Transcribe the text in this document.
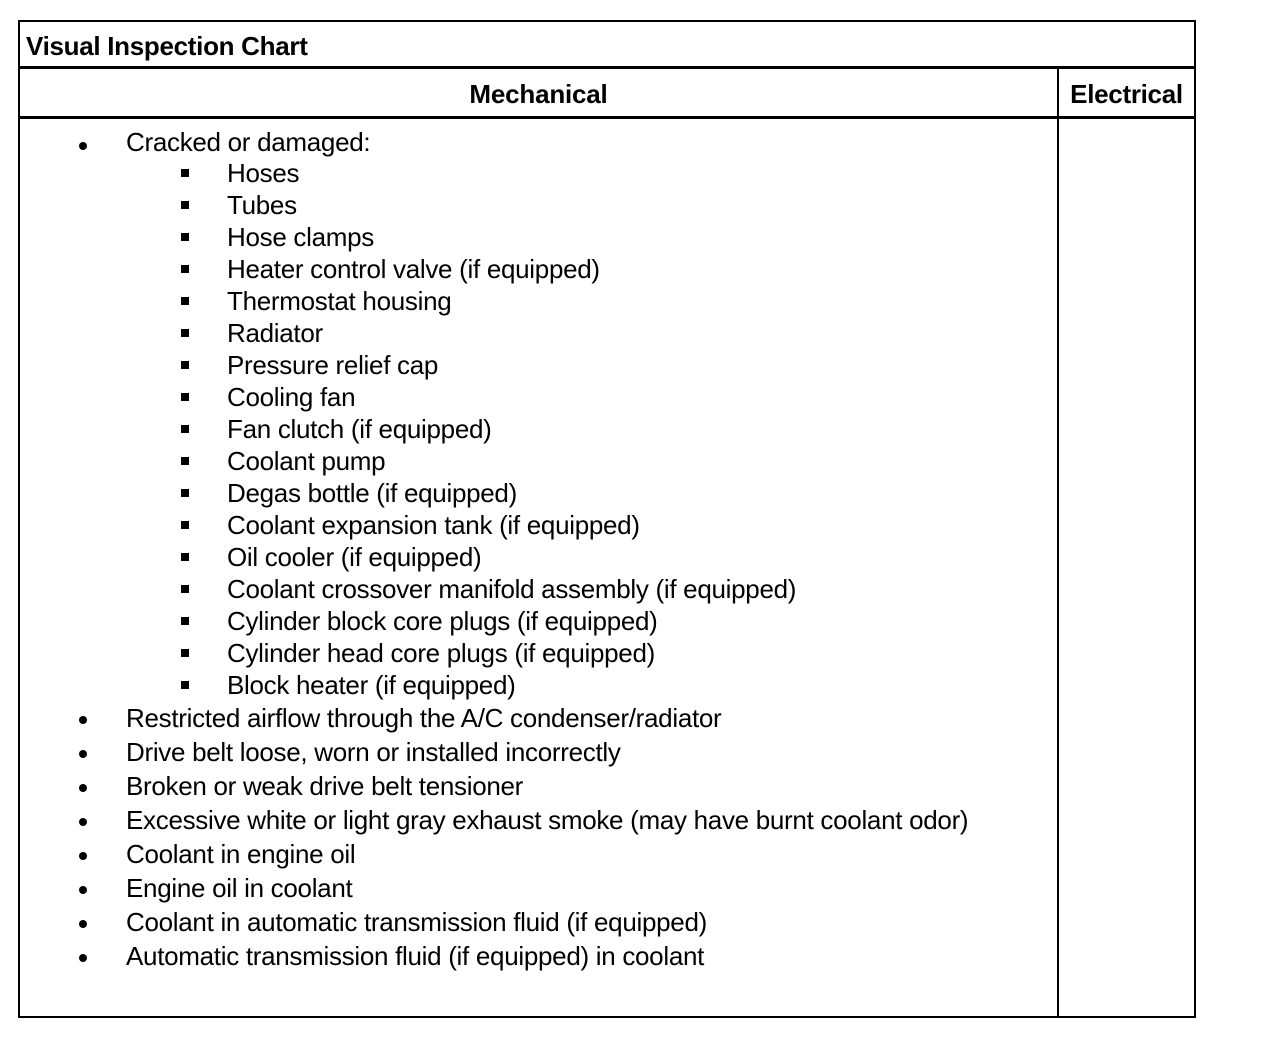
Visual Inspection Chart
Mechanical	Electrical
Cracked or damaged:
Hoses
Tubes
Hose clamps
Heater control valve (if equipped)
Thermostat housing
Radiator
Pressure relief cap
Cooling fan
Fan clutch (if equipped)
Coolant pump
Degas bottle (if equipped)
Coolant expansion tank (if equipped)
Oil cooler (if equipped)
Coolant crossover manifold assembly (if equipped)
Cylinder block core plugs (if equipped)
Cylinder head core plugs (if equipped)
Block heater (if equipped)
Restricted airflow through the A/C condenser/radiator
Drive belt loose, worn or installed incorrectly
Broken or weak drive belt tensioner
Excessive white or light gray exhaust smoke (may have burnt coolant odor)
Coolant in engine oil
Engine oil in coolant
Coolant in automatic transmission fluid (if equipped)
Automatic transmission fluid (if equipped) in coolant
